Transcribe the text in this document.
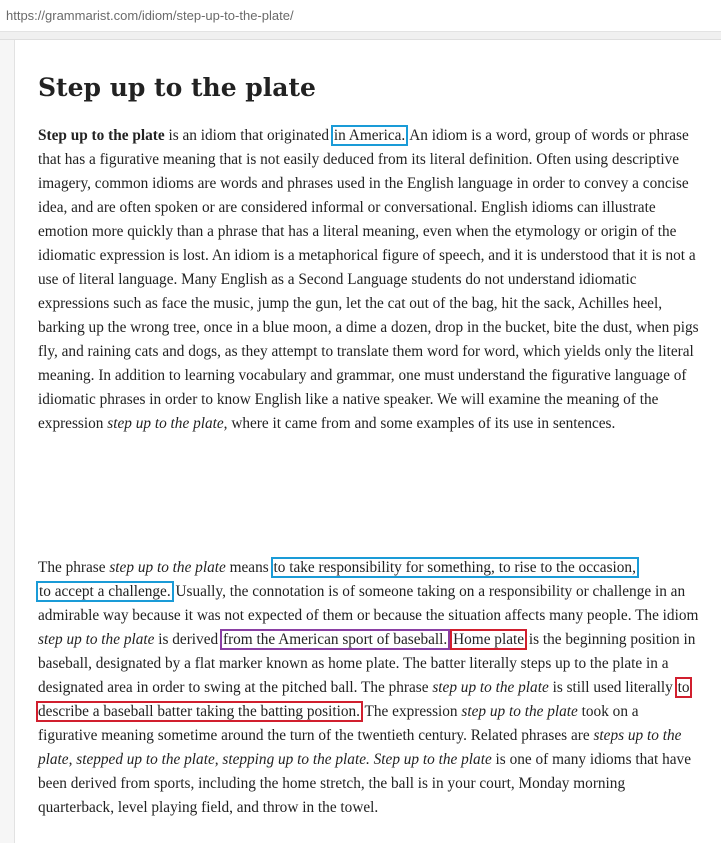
https://grammarist.com/idiom/step-up-to-the-plate/
Step up to the plate

Step up to the plate is an idiom that originated in America. An idiom is a word, group of words or phrase that has a figurative meaning that is not easily deduced from its literal definition. Often using descriptive imagery, common idioms are words and phrases used in the English language in order to convey a concise idea, and are often spoken or are considered informal or conversational. English idioms can illustrate emotion more quickly than a phrase that has a literal meaning, even when the etymology or origin of the idiomatic expression is lost. An idiom is a metaphorical figure of speech, and it is understood that it is not a use of literal language. Many English as a Second Language students do not understand idiomatic expressions such as face the music, jump the gun, let the cat out of the bag, hit the sack, Achilles heel, barking up the wrong tree, once in a blue moon, a dime a dozen, drop in the bucket, bite the dust, when pigs fly, and raining cats and dogs, as they attempt to translate them word for word, which yields only the literal meaning. In addition to learning vocabulary and grammar, one must understand the figurative language of idiomatic phrases in order to know English like a native speaker. We will examine the meaning of the expression step up to the plate, where it came from and some examples of its use in sentences.

The phrase step up to the plate means to take responsibility for something, to rise to the occasion,
to accept a challenge. Usually, the connotation is of someone taking on a responsibility or challenge in an admirable way because it was not expected of them or because the situation affects many people. The idiom step up to the plate is derived from the American sport of baseball. Home plate is the beginning position in baseball, designated by a flat marker known as home plate. The batter literally steps up to the plate in a designated area in order to swing at the pitched ball. The phrase step up to the plate is still used literally to describe a baseball batter taking the batting position. The expression step up to the plate took on a figurative meaning sometime around the turn of the twentieth century. Related phrases are steps up to the plate, stepped up to the plate, stepping up to the plate. Step up to the plate is one of many idioms that have been derived from sports, including the home stretch, the ball is in your court, Monday morning quarterback, level playing field, and throw in the towel.
